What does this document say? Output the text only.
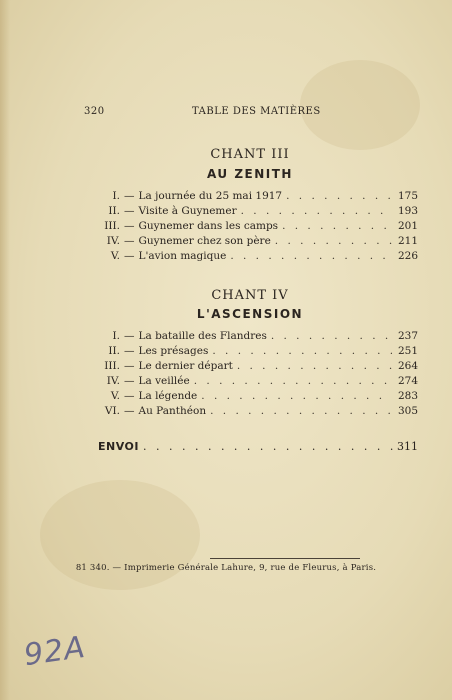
320	TABLE DES MATIÈRES
CHANT III
AU ZENITH
I. — La journée du 25 mai 1917 . . .	175
II. — Visite à Guynemer . . .	193
III. — Guynemer dans les camps . . .	201
IV. — Guynemer chez son père . . .	211
V. — L'avion magique . . .	226
CHANT IV
L'ASCENSION
I. — La bataille des Flandres . . .	237
II. — Les présages . . .	251
III. — Le dernier départ . . .	264
IV. — La veillée . . .	274
V. — La légende . . .	283
VI. — Au Panthéon . . .	305
ENVOI . . .	311
81 340. — Imprimerie Générale Lahure, 9, rue de Fleurus, à Paris.
92A
